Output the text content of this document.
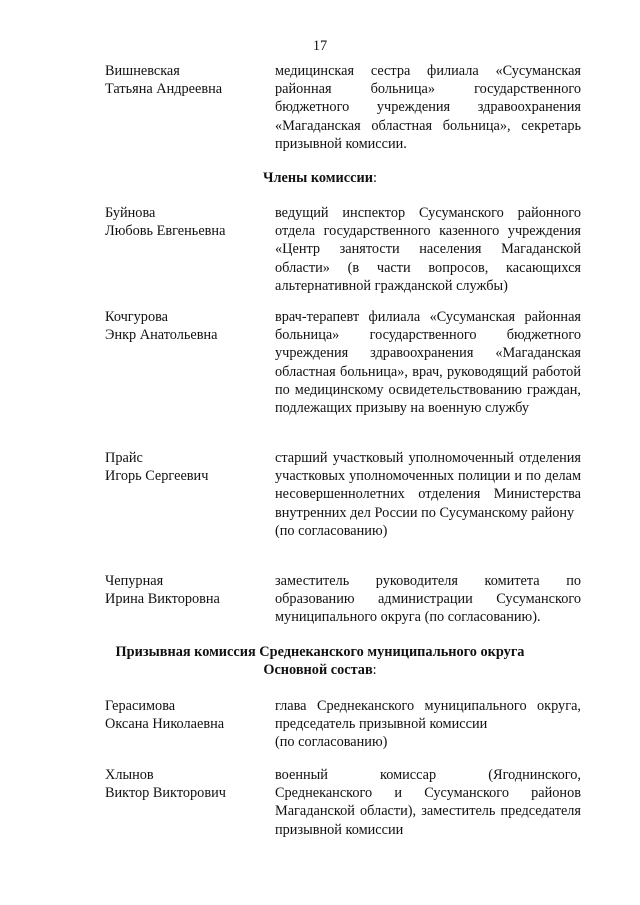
17
Вишневская
Татьяна Андреевна
медицинская сестра филиала «Сусуманская районная больница» государственного бюджетного учреждения здравоохранения «Магаданская областная больница», секретарь призывной комиссии.
Члены комиссии:
Буйнова
Любовь Евгеньевна
ведущий инспектор Сусуманского районного отдела государственного казенного учреждения «Центр занятости населения Магаданской области» (в части вопросов, касающихся альтернативной гражданской службы)
Кочгурова
Энкр Анатольевна
врач-терапевт филиала «Сусуманская районная больница» государственного бюджетного учреждения здравоохранения «Магаданская областная больница», врач, руководящий работой по медицинскому освидетельствованию граждан, подлежащих призыву на военную службу
Прайс
Игорь Сергеевич
старший участковый уполномоченный отделения участковых уполномоченных полиции и по делам несовершеннолетних отделения Министерства внутренних дел России по Сусуманскому району
(по согласованию)
Чепурная
Ирина Викторовна
заместитель руководителя комитета по образованию администрации Сусуманского муниципального округа (по согласованию).
Призывная комиссия Среднеканского муниципального округа
Основной состав:
Герасимова
Оксана Николаевна
глава Среднеканского муниципального округа, председатель призывной комиссии
(по согласованию)
Хлынов
Виктор Викторович
военный комиссар (Ягоднинского, Среднеканского и Сусуманского районов Магаданской области), заместитель председателя призывной комиссии
